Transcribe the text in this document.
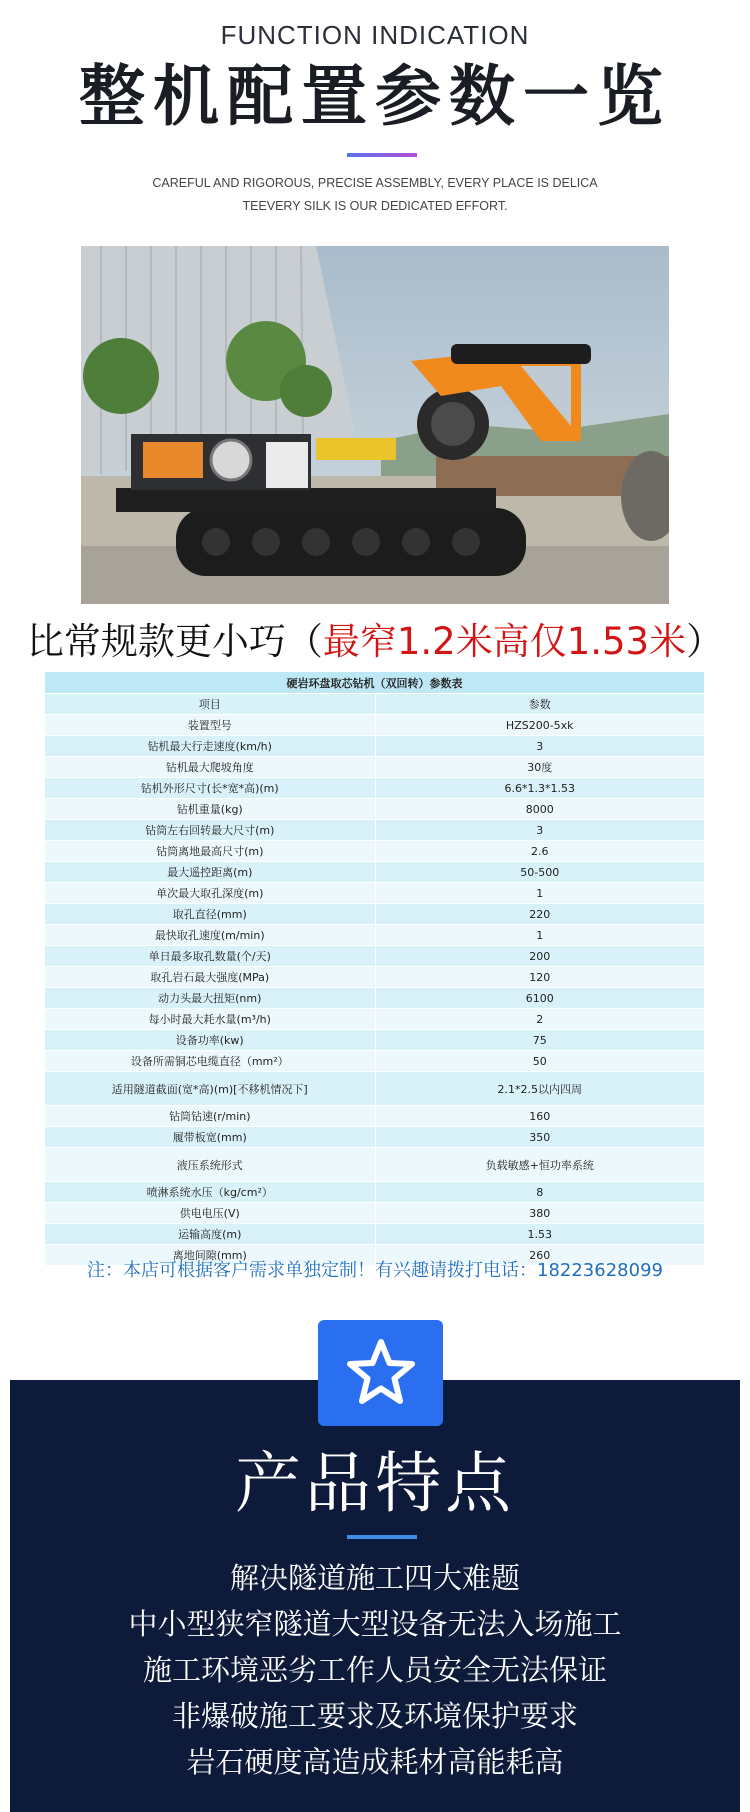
FUNCTION INDICATION
整机配置参数一览
CAREFUL AND RIGOROUS, PRECISE ASSEMBLY, EVERY PLACE IS DELICA
TEEVERY SILK IS OUR DEDICATED EFFORT.
比常规款更小巧（最窄1.2米高仅1.53米）
硬岩环盘取芯钻机（双回转）参数表	
项目	参数
装置型号	HZS200-5xk
钻机最大行走速度(km/h)	3
钻机最大爬坡角度	30度
钻机外形尺寸(长*宽*高)(m)	6.6*1.3*1.53
钻机重量(kg)	8000
钻筒左右回转最大尺寸(m)	3
钻筒离地最高尺寸(m)	2.6
最大遥控距离(m)	50-500
单次最大取孔深度(m)	1
取孔直径(mm)	220
最快取孔速度(m/min)	1
单日最多取孔数量(个/天)	200
取孔岩石最大强度(MPa)	120
动力头最大扭矩(nm)	6100
每小时最大耗水量(m³/h)	2
设备功率(kw)	75
设备所需铜芯电缆直径（mm²）	50
适用隧道截面(宽*高)(m)[不移机情况下]	2.1*2.5以内四周
钻筒钻速(r/min)	160
履带板宽(mm)	350
液压系统形式	负载敏感+恒功率系统
喷淋系统水压（kg/cm²）	8
供电电压(V)	380
运输高度(m)	1.53
离地间隙(mm)	260
注：本店可根据客户需求单独定制！有兴趣请拨打电话：18223628099
产品特点
解决隧道施工四大难题
中小型狭窄隧道大型设备无法入场施工
施工环境恶劣工作人员安全无法保证
非爆破施工要求及环境保护要求
岩石硬度高造成耗材高能耗高
